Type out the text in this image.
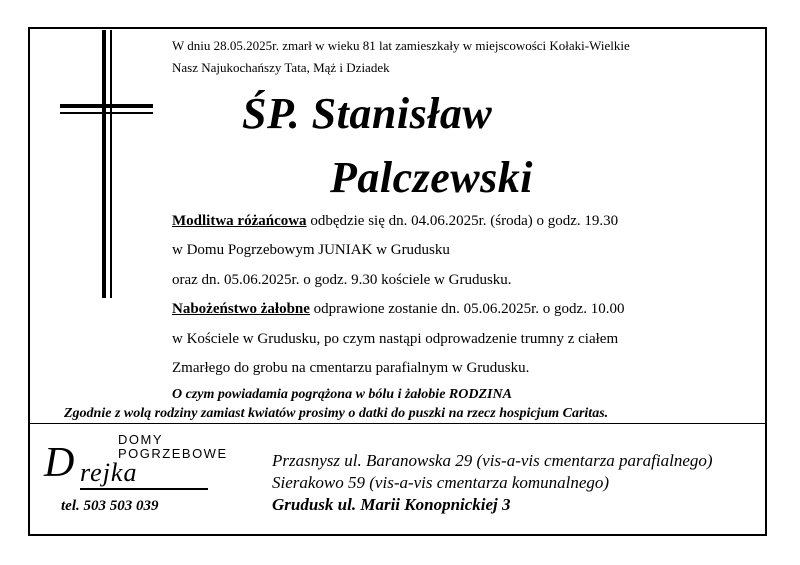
W dniu 28.05.2025r. zmarł w wieku 81 lat zamieszkały w miejscowości Kołaki-Wielkie
Nasz Najukochańszy Tata, Mąż i Dziadek
ŚP. Stanisław
Palczewski
Modlitwa różańcowa odbędzie się dn. 04.06.2025r. (środa) o godz. 19.30
w Domu Pogrzebowym JUNIAK w Grudusku
oraz dn. 05.06.2025r. o godz. 9.30 kościele w Grudusku.
Nabożeństwo żałobne odprawione zostanie dn. 05.06.2025r. o godz. 10.00
w Kościele w Grudusku, po czym nastąpi odprowadzenie trumny z ciałem
Zmarłego do grobu na cmentarzu parafialnym w Grudusku.
O czym powiadamia pogrążona w bólu i żałobie RODZINA
Zgodnie z wolą rodziny zamiast kwiatów prosimy o datki do puszki na rzecz hospicjum Caritas.
DOMY
POGRZEBOWE
D rejka
tel. 503 503 039
Przasnysz ul. Baranowska 29 (vis-a-vis cmentarza parafialnego)
Sierakowo 59 (vis-a-vis cmentarza komunalnego)
Grudusk ul. Marii Konopnickiej 3
